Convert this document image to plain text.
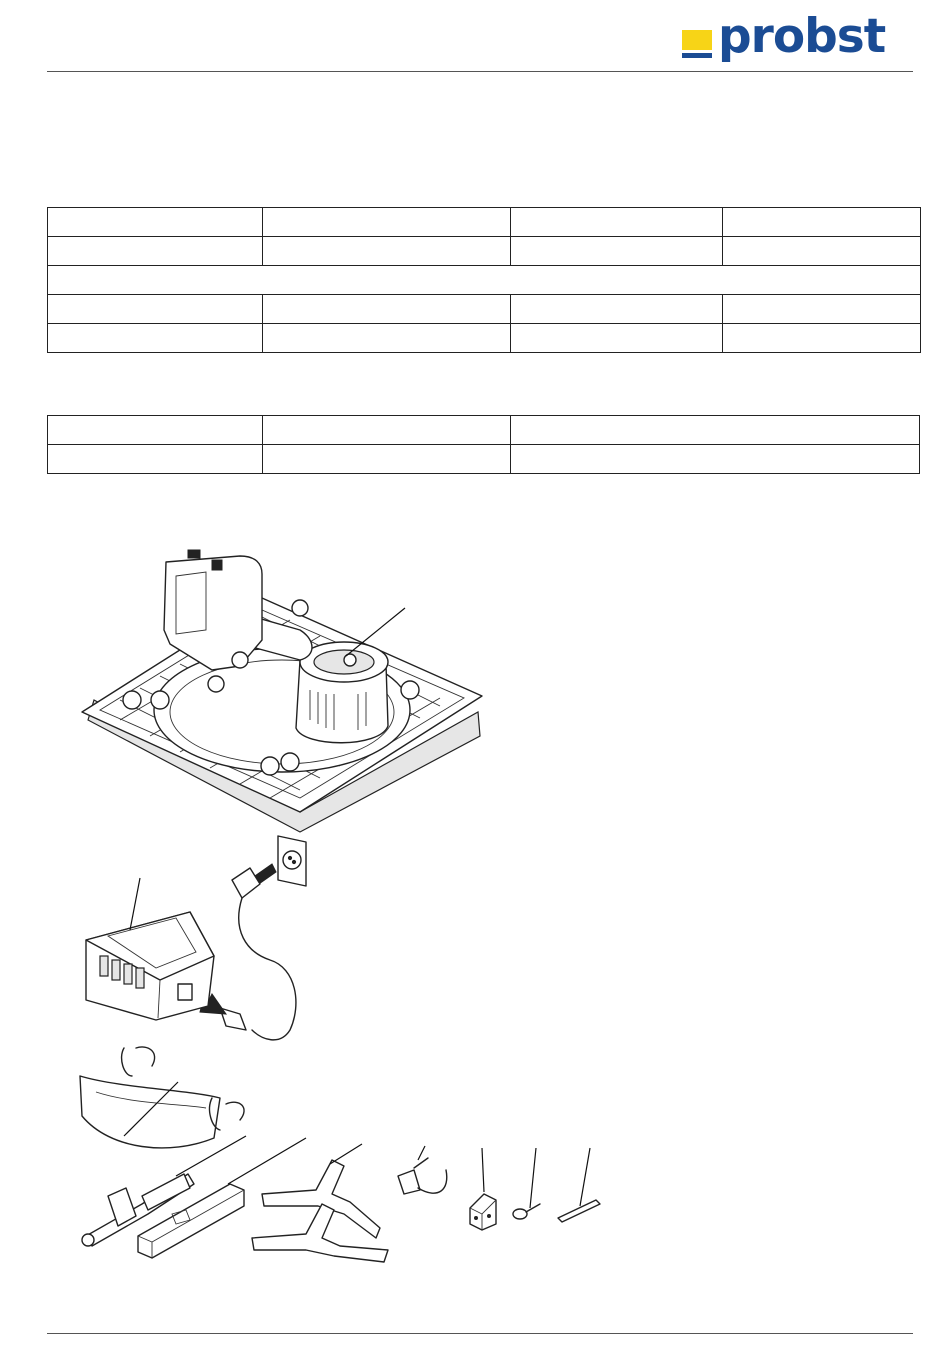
probst
